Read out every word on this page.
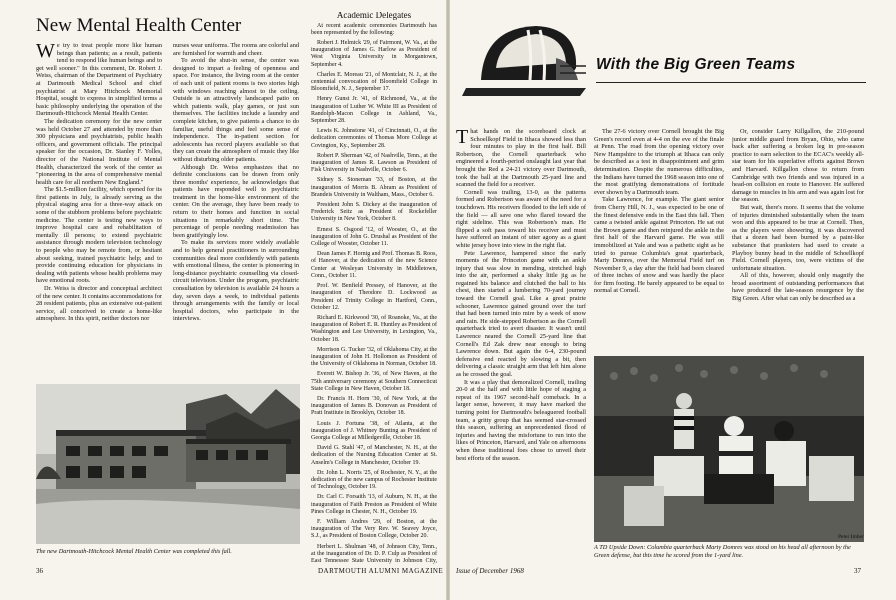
New Mental Health Center

We try to treat people more like human beings than patients; as a result, patients tend to respond like human beings and to get well sooner." In this comment, Dr. Robert J. Weiss, chairman of the Department of Psychiatry at Dartmouth Medical School and chief psychiatrist at Mary Hitchcock Memorial Hospital, sought to express in simplified terms a basic philosophy underlying the operation of the Dartmouth-Hitchcock Mental Health Center.

The dedication ceremony for the new center was held October 27 and attended by more than 300 physicians and psychiatrists, public health officers, and government officials. The principal speaker for the occasion, Dr. Stanley F. Yolles, director of the National Institute of Mental Health, characterized the work of the center as "pioneering in the area of comprehensive mental health care for all northern New England."

The $1.5-million facility, which opened for its first patients in July, is already serving as the physical staging area for a three-way attack on some of the stubborn problems before psychiatric medicine. The center is testing new ways to improve hospital care and rehabilitation of mentally ill persons; to extend psychiatric assistance through modern television technology to people who may be remote from, or hesitant about seeking, trained psychiatric help; and to provide continuing education for physicians in dealing with patients whose health problems may have emotional roots.

Dr. Weiss is director and conceptual architect of the new center. It contains accommodations for 28 resident patients, plus an extensive out-patient service, all conceived to create a home-like atmosphere. In this spirit, neither doctors nor

nurses wear uniforms. The rooms are colorful and are furnished for warmth and cheer.

To avoid the shut-in sense, the center was designed to impart a feeling of openness and space. For instance, the living room at the center of each unit of patient rooms is two stories high with windows reaching almost to the ceiling. Outside is an attractively landscaped patio on which patients walk, play games, or just sun themselves. The facilities include a laundry and complete kitchen, to give patients a chance to do familiar, useful things and feel some sense of independence. The in-patient section for adolescents has record players available so that they can create the atmosphere of music they like without disturbing older patients.

Although Dr. Weiss emphasizes that no definite conclusions can be drawn from only three months' experience, he acknowledges that patients have responded well to psychiatric treatment in the home-like environment of the center. On the average, they have been ready to return to their homes and function in social situations in remarkably short time. The percentage of people needing readmission has been gratifyingly low.

To make its services more widely available and to help general practitioners in surrounding communities deal more confidently with patients with emotional illness, the center is pioneering in long-distance psychiatric counselling via closed-circuit television. Under the program, psychiatric consultation by television is available 24 hours a day, seven days a week, to individual patients through arrangements with the family or local hospital doctors, who participate in the interviews.

The new Dartmouth-Hitchcock Mental Health Center was completed this fall.
Academic Delegates
At recent academic ceremonies Dartmouth has been represented by the following:
Robert J. Helmick '29, of Fairmont, W. Va., at the inauguration of James G. Harlow as President of West Virginia University in Morgantown, September 4.
Charles E. Moreau '21, of Montclair, N. J., at the centennial convocation of Bloomfield College in Bloomfield, N. J., September 17.
Henry Gunst Jr. '41, of Richmond, Va., at the inauguration of Luther W. White III as President of Randolph-Macon College in Ashland, Va., September 28.
Lewis K. Johnstone '41, of Cincinnati, O., at the dedication ceremonies of Thomas More College at Covington, Ky., September 28.
Robert P. Sherman '42, of Nashville, Tenn., at the inauguration of James R. Lawson as President of Fisk University in Nashville, October 6.
Sidney S. Stoneman '33, of Boston, at the inauguration of Morris B. Abram as President of Brandeis University in Waltham, Mass., October 6.
President John S. Dickey at the inauguration of Frederick Seitz as President of Rockefeller University in New York, October 8.
Ernest S. Osgood '12, of Wooster, O., at the inauguration of John G. Drushal as President of the College of Wooster, October 11.
Dean James F. Hornig and Prof. Thomas B. Roos, of Hanover, at the dedication of the new Science Center at Wesleyan University in Middletown, Conn., October 11.
Prof. W. Benfield Pressey, of Hanover, at the inauguration of Theodore D. Lockwood as President of Trinity College in Hartford, Conn., October 12.
Richard E. Kirkwood '30, of Roanoke, Va., at the inauguration of Robert E. R. Huntley as President of Washington and Lee University, in Lexington, Va., October 18.
Morrison G. Tucker '32, of Oklahoma City, at the inauguration of John H. Hollomon as President of the University of Oklahoma in Norman, October 18.
Everett W. Bishop Jr. '36, of New Haven, at the 75th anniversary ceremony at Southern Connecticut State College in New Haven, October 18.
Dr. Francis H. Horn '30, of New York, at the inauguration of James B. Donovan as President of Pratt Institute in Brooklyn, October 18.
Louis J. Fortuna '38, of Atlanta, at the inauguration of J. Whitney Bunting as President of Georgia College at Milledgeville, October 18.
David G. Stahl '47, of Manchester, N. H., at the dedication of the Nursing Education Center at St. Anselm's College in Manchester, October 19.
Dr. John L. Norris '25, of Rochester, N. Y., at the dedication of the new campus of Rochester Institute of Technology, October 19.
Dr. Carl C. Forsaith '13, of Auburn, N. H., at the inauguration of Faith Preston as President of White Pines College in Chester, N. H., October 19.
F. William Andres '29, of Boston, at the inauguration of The Very Rev. W. Seavey Joyce, S.J., as President of Boston College, October 20.
Herbert L. Shulman '48, of Johnson City, Tenn., at the inauguration of Dr. D. P. Culp as President of East Tennessee State University in Johnson City,
36	DARTMOUTH ALUMNI MAGAZINE
With the Big Green Teams

That hands on the scoreboard clock at Schoellkopf Field in Ithaca showed less than four minutes to play in the first half. Bill Robertson, the Cornell quarterback who engineered a fourth-period onslaught last year that brought the Red a 24-21 victory over Dartmouth, took the ball at the Dartmouth 25-yard line and scanned the field for a receiver.

Cornell was trailing, 13-0, as the patterns formed and Robertson was aware of the need for a touchdown. His receivers flooded to the left side of the field — all save one who flared toward the right sideline. This was Robertson's man. He flipped a soft pass toward his receiver and must have suffered an instant of utter agony as a giant white jersey hove into view in the right flat.

Pete Lawrence, hampered since the early moments of the Princeton game with an ankle injury that was slow in mending, stretched high into the air, performed a shaky little jig as he regained his balance and clutched the ball to his chest, then started a lumbering 70-yard journey toward the Cornell goal. Like a great prairie schooner, Lawrence gained ground over the turf that had been turned into mire by a week of snow and rain. He side-stepped Robertson as the Cornell quarterback tried to avert disaster. It wasn't until Lawrence neared the Cornell 25-yard line that Cornell's Ed Zak drew near enough to bring Lawrence down. But again the 6-4, 230-pound defensive end reacted by slowing a bit, then delivering a classic straight arm that left him alone as he crossed the goal.

It was a play that demoralized Cornell, trailing 20-0 at the half and with little hope of staging a repeat of its 1967 second-half comeback. In a larger sense, however, it may have marked the turning point for Dartmouth's beleaguered football team, a gritty group that has seemed star-crossed this season, suffering an unprecedented flood of injuries and having the misfortune to run into the likes of Princeton, Harvard, and Yale on afternoons when these traditional foes chose to unveil their best efforts of the season.

The 27-6 victory over Cornell brought the Big Green's record even at 4-4 on the eve of the finale at Penn. The road from the opening victory over New Hampshire to the triumph at Ithaca can only be described as a test in disappointment and grim determination. Despite the numerous difficulties, the Indians have turned the 1968 season into one of the most gratifying demonstrations of fortitude ever shown by a Dartmouth team.

Take Lawrence, for example. The giant senior from Cherry Hill, N. J., was expected to be one of the finest defensive ends in the East this fall. Then came a twisted ankle against Princeton. He sat out the Brown game and then reinjured the ankle in the first half of the Harvard game. He was still immobilized at Yale and was a pathetic sight as he tried to pursue Columbia's great quarterback, Marty Domres, over the Memorial Field turf on November 9, a day after the field had been cleared of three inches of snow and was hardly the place for firm footing. He barely appeared to be equal to normal at Cornell.

Or, consider Larry Killgallon, the 210-pound junior middle guard from Bryan, Ohio, who came back after suffering a broken leg in pre-season practice to earn selection to the ECAC's weekly all-star team for his superlative efforts against Brown and Harvard. Killgallon chose to return from Cambridge with two friends and was injured in a head-on collision en route to Hanover. He suffered damage to muscles in his arm and was again lost for the season.

But wait, there's more. It seems that the volume of injuries diminished substantially when the team won and this appeared to be true at Cornell. Then, as the players were showering, it was discovered that a dozen had been burned by a paint-like substance that pranksters had used to create a Playboy bunny head in the middle of Schoellkopf Field. Cornell players, too, were victims of the unfortunate situation.

All of this, however, should only magnify the broad assortment of outstanding performances that have produced the late-season resurgence by the Big Green. After what can only be described as a

Peter Imber
A TD Upside Down: Columbia quarterback Marty Domres was stood on his head all afternoon by the Green defense, but this time he scored from the 1-yard line.
Issue of December 1968	37
